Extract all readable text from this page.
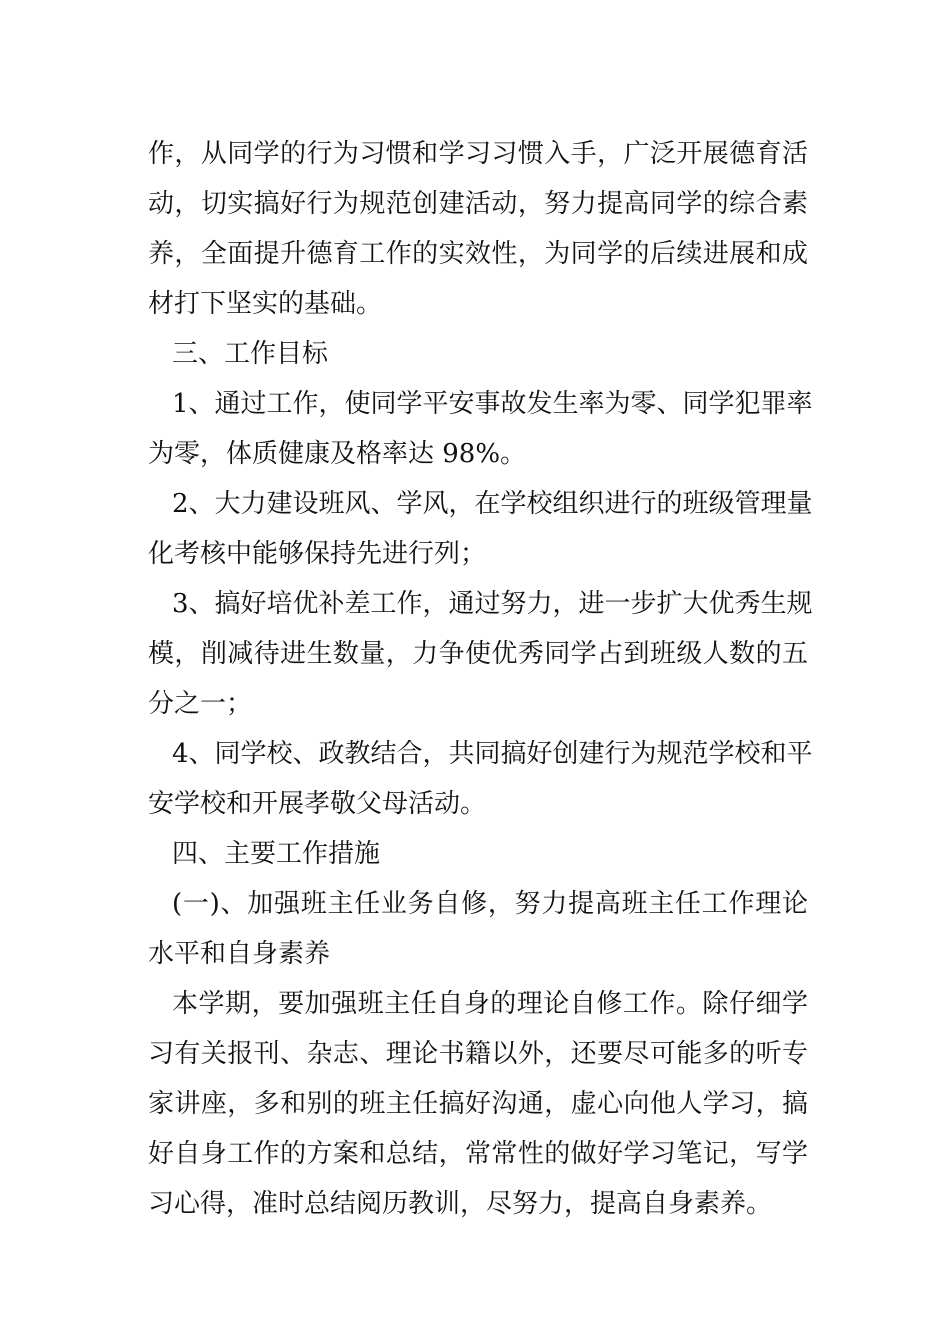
作，从同学的行为习惯和学习习惯入手，广泛开展德育活
动，切实搞好行为规范创建活动，努力提高同学的综合素
养，全面提升德育工作的实效性，为同学的后续进展和成
材打下坚实的基础。
三、工作目标
1、通过工作，使同学平安事故发生率为零、同学犯罪率
为零，体质健康及格率达 98%。
2、大力建设班风、学风，在学校组织进行的班级管理量
化考核中能够保持先进行列；
3、搞好培优补差工作，通过努力，进一步扩大优秀生规
模，削减待进生数量，力争使优秀同学占到班级人数的五
分之一；
4、同学校、政教结合，共同搞好创建行为规范学校和平
安学校和开展孝敬父母活动。
四、主要工作措施
(一)、加强班主任业务自修，努力提高班主任工作理论
水平和自身素养
本学期，要加强班主任自身的理论自修工作。除仔细学
习有关报刊、杂志、理论书籍以外，还要尽可能多的听专
家讲座，多和别的班主任搞好沟通，虚心向他人学习，搞
好自身工作的方案和总结，常常性的做好学习笔记，写学
习心得，准时总结阅历教训，尽努力，提高自身素养。
